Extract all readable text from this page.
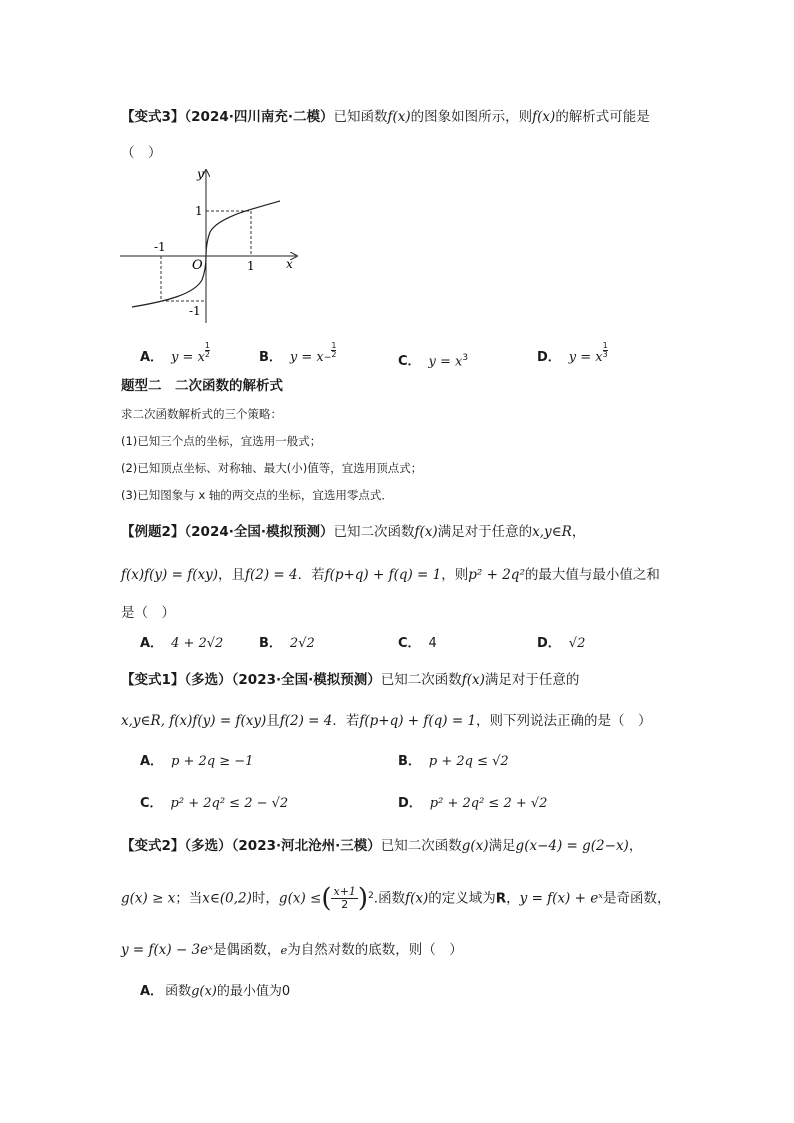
【变式3】（2024·四川南充·二模）已知函数f(x)的图象如图所示，则f(x)的解析式可能是
（　）
y
x
O
1
1
-1
-1
A． y = x $\frac{1}{2}$	B． $y = x^- \frac{1}{2}$
C． $y = x^3$	D． y = x $\frac{1}{3}$
题型二　二次函数的解析式
求二次函数解析式的三个策略：
(1)已知三个点的坐标，宜选用一般式；
(2)已知顶点坐标、对称轴、最大(小)值等，宜选用顶点式；
(3)已知图象与 x 轴的两交点的坐标，宜选用零点式．
【例题2】（2024·全国·模拟预测）已知二次函数f(x)满足对于任意的x,y∈R，
f(x)f(y) = f(xy)，且f(2) = 4．若f(p+q) + f(q) = 1，则p² + 2q²的最大值与最小值之和
是（　）
A． 4 + 2√2	B． 2√2	C． 4	D． √2
【变式1】（多选）（2023·全国·模拟预测）已知二次函数f(x)满足对于任意的
x,y∈R, f(x)f(y) = f(xy)且f(2) = 4．若f(p+q) + f(q) = 1，则下列说法正确的是（　）
A． p + 2q ≥ −1	B． p + 2q ≤ √2
C． p² + 2q² ≤ 2 − √2	D． p² + 2q² ≤ 2 + √2
【变式2】（多选）（2023·河北沧州·三模）已知二次函数g(x)满足g(x−4) = g(2−x)，
g(x) ≥ x；当x∈(0,2)时，g(x) ≤( $\frac{x+1}{2} )^2$.函数f(x)的定义域为R，y = f(x) + eˣ是奇函数，
y = f(x) − 3eˣ是偶函数，e为自然对数的底数，则（　）
A． 函数g(x)的最小值为0
